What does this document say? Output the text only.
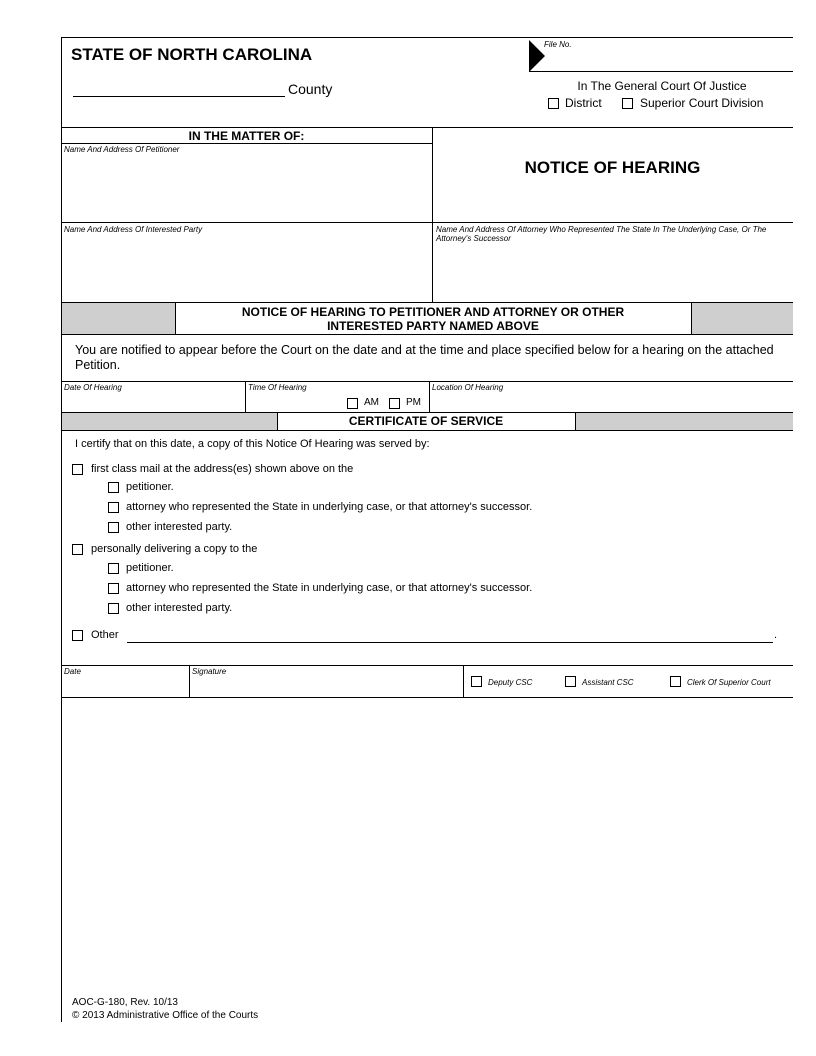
STATE OF NORTH CAROLINA
County
File No.
In The General Court Of Justice
District	Superior Court Division
IN THE MATTER OF:
Name And Address Of Petitioner
NOTICE OF HEARING
Name And Address Of Interested Party	Name And Address Of Attorney Who Represented The State In The Underlying Case, Or The Attorney's Successor
NOTICE OF HEARING TO PETITIONER AND ATTORNEY OR OTHER
INTERESTED PARTY NAMED ABOVE
You are notified to appear before the Court on the date and at the time and place specified below for a hearing on the attached Petition.
Date Of Hearing	Time Of Hearing	Location Of Hearing
AM	PM
CERTIFICATE OF SERVICE
I certify that on this date, a copy of this Notice Of Hearing was served by:
first class mail at the address(es) shown above on the
petitioner.
attorney who represented the State in underlying case, or that attorney's successor.
other interested party.
personally delivering a copy to the
petitioner.
attorney who represented the State in underlying case, or that attorney's successor.
other interested party.
Other	.
Date	Signature
Deputy CSC	Assistant CSC	Clerk Of Superior Court
AOC-G-180, Rev. 10/13
© 2013 Administrative Office of the Courts
